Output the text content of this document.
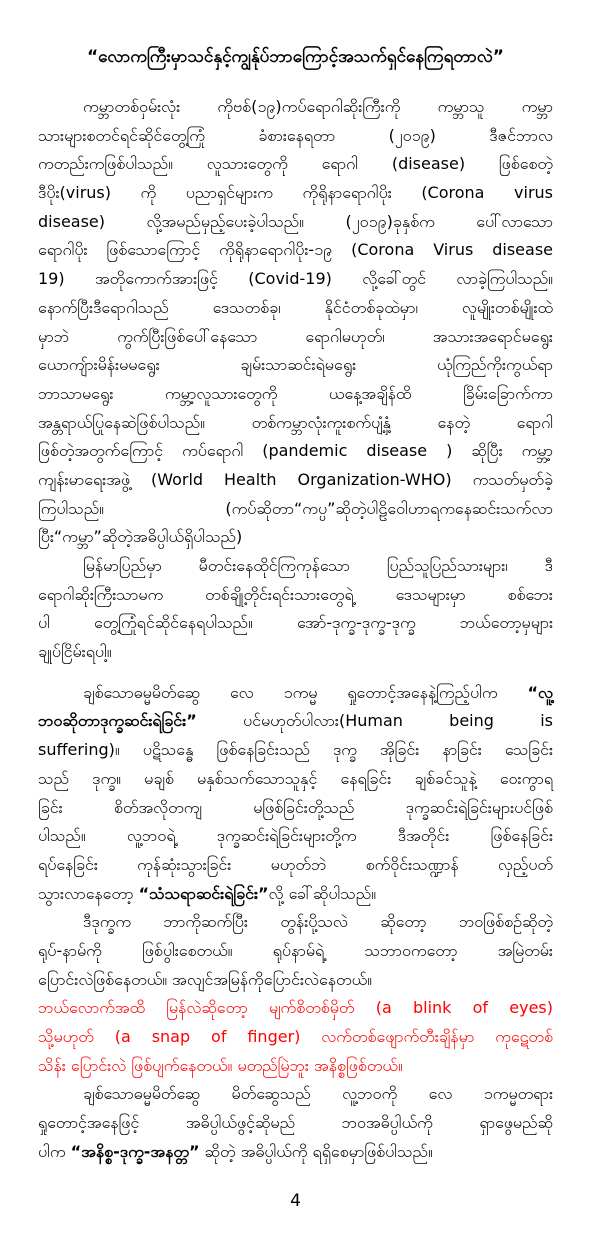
“လောကကြီးမှာသင်နှင့်ကျွန်ုပ်ဘာကြောင့်အသက်ရှင်နေကြရတာလဲ”
ကမ္ဘာတစ်ဝှမ်းလုံး ကိုဗစ်(၁၉)ကပ်ရောဂါဆိုးကြီးကို ကမ္ဘာသူ ကမ္ဘာ
သားများစတင်ရင်ဆိုင်တွေ့ကြုံ ခံစားနေရတာ (၂၀၁၉) ဒီဇင်ဘာလ
ကတည်းကဖြစ်ပါသည်။ လူသားတွေကို ရောဂါ (disease) ဖြစ်စေတဲ့
ဒီပိုး(virus) ကို ပညာရှင်များက ကိုရိုနာရောဂါပိုး (Corona virus
disease) လို့အမည်မှည့်ပေးခဲ့ပါသည်။ (၂၀၁၉)ခုနှစ်က ပေါ်လာသော
ရောဂါပိုး ဖြစ်သောကြောင့် ကိုရိုနာရောဂါပိုး-၁၉ (Corona Virus disease
19) အတိုကောက်အားဖြင့် (Covid-19) လို့ခေါ်တွင် လာခဲ့ကြပါသည်။
နောက်ပြီးဒီရောဂါသည် ဒေသတစ်ခု၊ နိုင်ငံတစ်ခုထဲမှာ၊ လူမျိုးတစ်မျိုးထဲ
မှာဘဲ ကွက်ပြီးဖြစ်ပေါ်နေသော ရောဂါမဟုတ်၊ အသားအရောင်မရွေး
ယောကျ်ားမိန်းမမရွေး ချမ်းသာဆင်းရဲမရွေး ယုံကြည်ကိုးကွယ်ရာ
ဘာသာမရွေး ကမ္ဘာ့လူသားတွေကို ယနေ့အချိန်ထိ ခြိမ်းခြောက်ကာ
အန္တရာယ်ပြုနေဆဲဖြစ်ပါသည်။ တစ်ကမ္ဘာလုံးကူးစက်ပျံ့နှံ့ နေတဲ့ ရောဂါ
ဖြစ်တဲ့အတွက်ကြောင့် ကပ်ရောဂါ (pandemic disease ) ဆိုပြီး ကမ္ဘာ့
ကျန်းမာရေးအဖွဲ့ (World Health Organization-WHO) ကသတ်မှတ်ခဲ့
ကြပါသည်။ (ကပ်ဆိုတာ“ကပ္ပ”ဆိုတဲ့ပါဠိဝေါဟာရကနေဆင်းသက်လာ
ပြီး“ကမ္ဘာ”ဆိုတဲ့အဓိပ္ပါယ်ရှိပါသည်)
မြန်မာပြည်မှာ မီတင်းနေထိုင်ကြကုန်သော ပြည်သူပြည်သားများ၊ ဒီ
ရောဂါဆိုးကြီးသာမက တစ်ချို့တိုင်းရင်းသားတွေရဲ့ ဒေသများမှာ စစ်ဘေး
ပါ တွေ့ကြုံရင်ဆိုင်နေရပါသည်။ အော်-ဒုက္ခ-ဒုက္ခ-ဒုက္ခ ဘယ်တော့မှများ
ချုပ်ငြိမ်းရပါ့။
ချစ်သောဓမ္မမိတ်ဆွေ လေ ၁ကမ္မ ရှုတောင့်အနေနဲ့ကြည့်ပါက “လူ့
ဘဝဆိုတာဒုက္ခဆင်းရဲခြင်း” ပင်မဟုတ်ပါလား(Human being is
suffering)။ ပဋိသန္ဓေ ဖြစ်နေခြင်းသည် ဒုက္ခ အိုခြင်း နာခြင်း သေခြင်း
သည် ဒုက္ခ။ မချစ် မနှစ်သက်သောသူနှင့် နေရခြင်း ချစ်ခင်သူနဲ့ ဝေးကွာရ
ခြင်း စိတ်အလိုတကျ မဖြစ်ခြင်းတို့သည် ဒုက္ခဆင်းရဲခြင်းများပင်ဖြစ်
ပါသည်။ လူ့ဘဝရဲ့ ဒုက္ခဆင်းရဲခြင်းများတို့က ဒီအတိုင်း ဖြစ်နေခြင်း
ရပ်နေခြင်း ကုန်ဆုံးသွားခြင်း မဟုတ်ဘဲ စက်ဝိုင်းသဏ္ဍာန် လှည့်ပတ်
သွားလာနေတော့ “သံသရာဆင်းရဲခြင်း”လို့ ခေါ်ဆိုပါသည်။
ဒီဒုက္ခက ဘာကိုဆက်ပြီး တွန်းပို့သလဲ ဆိုတော့ ဘဝဖြစ်စဉ်ဆိုတဲ့
ရုပ်-နာမ်ကို ဖြစ်ပွါးစေတယ်။ ရုပ်နာမ်ရဲ့ သဘာဝကတော့ အမြဲတမ်း
ပြောင်းလဲဖြစ်နေတယ်။ အလျင်အမြန်ကိုပြောင်းလဲနေတယ်။
ဘယ်လောက်အထိ မြန်လဲဆိုတော့ မျက်စိတစ်မှိတ် (a blink of eyes)
သို့မဟုတ် (a snap of finger) လက်တစ်ဖျောက်တီးချိန်မှာ ကုဋေတစ်
သိန်း ပြောင်းလဲ ဖြစ်ပျက်နေတယ်။ မတည်မြဲဘူး အနိစ္စဖြစ်တယ်။
ချစ်သောဓမ္မမိတ်ဆွေ မိတ်ဆွေသည် လူ့ဘဝကို လေ ၁ကမ္မတရား
ရှုတောင့်အနေဖြင့် အဓိပ္ပါယ်ဖွင့်ဆိုမည် ဘဝအဓိပ္ပါယ်ကို ရှာဖွေမည်ဆို
ပါက “အနိစ္စ-ဒုက္ခ-အနတ္တ” ဆိုတဲ့ အဓိပ္ပါယ်ကို ရရှိစေမှာဖြစ်ပါသည်။
4
